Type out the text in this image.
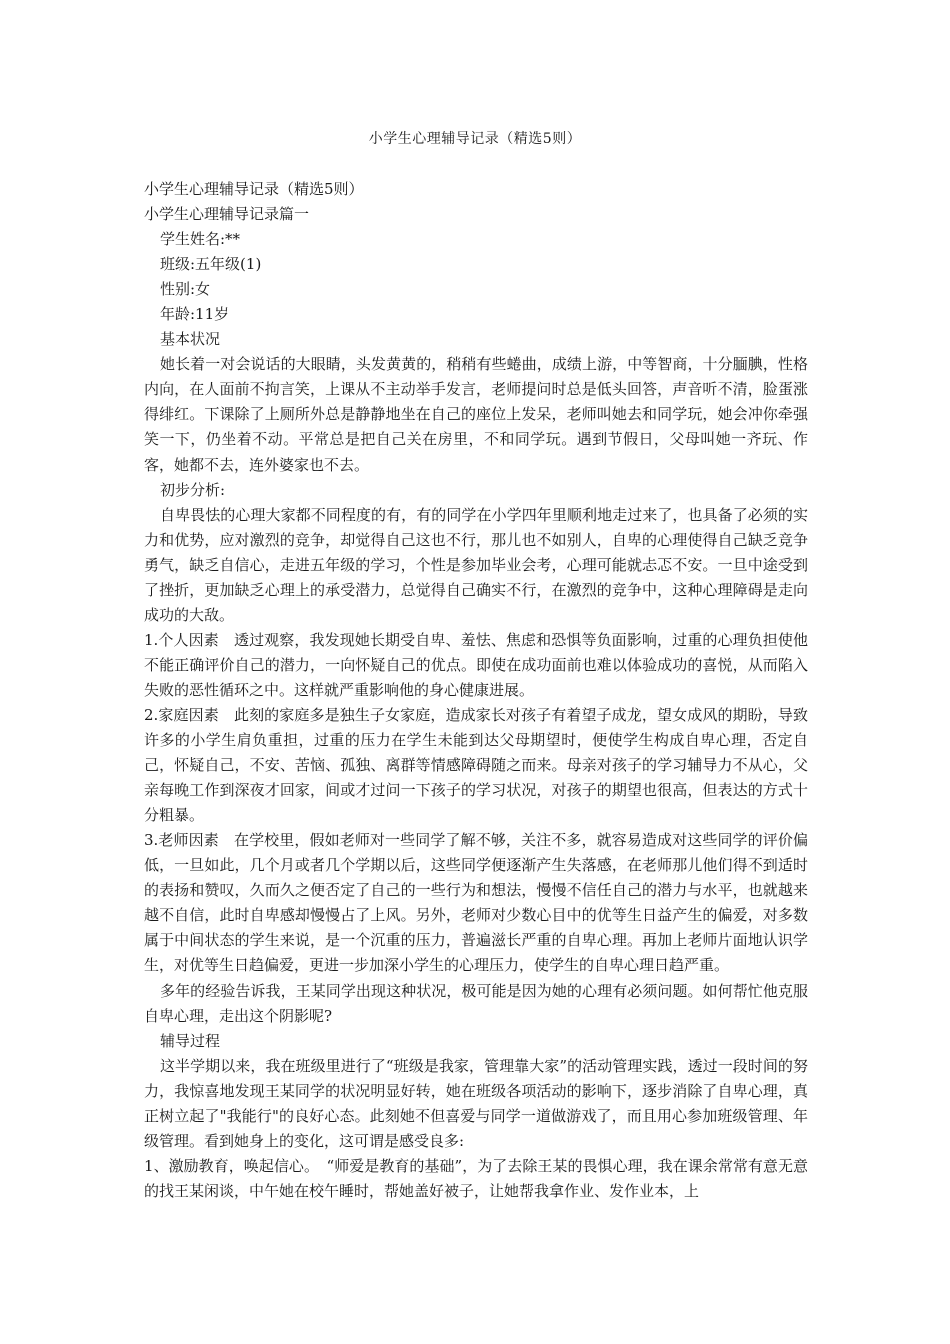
小学生心理辅导记录（精选5则）

小学生心理辅导记录（精选5则）

小学生心理辅导记录篇一

学生姓名:**

班级:五年级(1)

性别:女

年龄:11岁

基本状况

她长着一对会说话的大眼睛，头发黄黄的，稍稍有些蜷曲，成绩上游，中等智商，十分腼腆，性格内向，在人面前不拘言笑，上课从不主动举手发言，老师提问时总是低头回答，声音听不清，脸蛋涨得绯红。下课除了上厕所外总是静静地坐在自己的座位上发呆，老师叫她去和同学玩，她会冲你牵强笑一下，仍坐着不动。平常总是把自己关在房里，不和同学玩。遇到节假日，父母叫她一齐玩、作客，她都不去，连外婆家也不去。

初步分析:

自卑畏怯的心理大家都不同程度的有，有的同学在小学四年里顺利地走过来了，也具备了必须的实力和优势，应对激烈的竞争，却觉得自己这也不行，那儿也不如别人，自卑的心理使得自己缺乏竞争勇气，缺乏自信心，走进五年级的学习，个性是参加毕业会考，心理可能就忐忑不安。一旦中途受到了挫折，更加缺乏心理上的承受潜力，总觉得自己确实不行，在激烈的竞争中，这种心理障碍是走向成功的大敌。

1.个人因素　透过观察，我发现她长期受自卑、羞怯、焦虑和恐惧等负面影响，过重的心理负担使他不能正确评价自己的潜力，一向怀疑自己的优点。即使在成功面前也难以体验成功的喜悦，从而陷入失败的恶性循环之中。这样就严重影响他的身心健康进展。

2.家庭因素　此刻的家庭多是独生子女家庭，造成家长对孩子有着望子成龙，望女成风的期盼，导致许多的小学生肩负重担，过重的压力在学生未能到达父母期望时，便使学生构成自卑心理，否定自己，怀疑自己，不安、苦恼、孤独、离群等情感障碍随之而来。母亲对孩子的学习辅导力不从心，父亲每晚工作到深夜才回家，间或才过问一下孩子的学习状况，对孩子的期望也很高，但表达的方式十分粗暴。

3.老师因素　在学校里，假如老师对一些同学了解不够，关注不多，就容易造成对这些同学的评价偏低，一旦如此，几个月或者几个学期以后，这些同学便逐渐产生失落感，在老师那儿他们得不到适时的表扬和赞叹，久而久之便否定了自己的一些行为和想法，慢慢不信任自己的潜力与水平，也就越来越不自信，此时自卑感却慢慢占了上风。另外，老师对少数心目中的优等生日益产生的偏爱，对多数属于中间状态的学生来说，是一个沉重的压力，普遍滋长严重的自卑心理。再加上老师片面地认识学生，对优等生日趋偏爱，更进一步加深小学生的心理压力，使学生的自卑心理日趋严重。

多年的经验告诉我，王某同学出现这种状况，极可能是因为她的心理有必须问题。如何帮忙他克服自卑心理，走出这个阴影呢?

辅导过程

这半学期以来，我在班级里进行了“班级是我家，管理靠大家”的活动管理实践，透过一段时间的努力，我惊喜地发现王某同学的状况明显好转，她在班级各项活动的影响下，逐步消除了自卑心理，真正树立起了"我能行"的良好心态。此刻她不但喜爱与同学一道做游戏了，而且用心参加班级管理、年级管理。看到她身上的变化，这可谓是感受良多:

1、激励教育，唤起信心。　“师爱是教育的基础”，为了去除王某的畏惧心理，我在课余常常有意无意的找王某闲谈，中午她在校午睡时，帮她盖好被子，让她帮我拿作业、发作业本，上
